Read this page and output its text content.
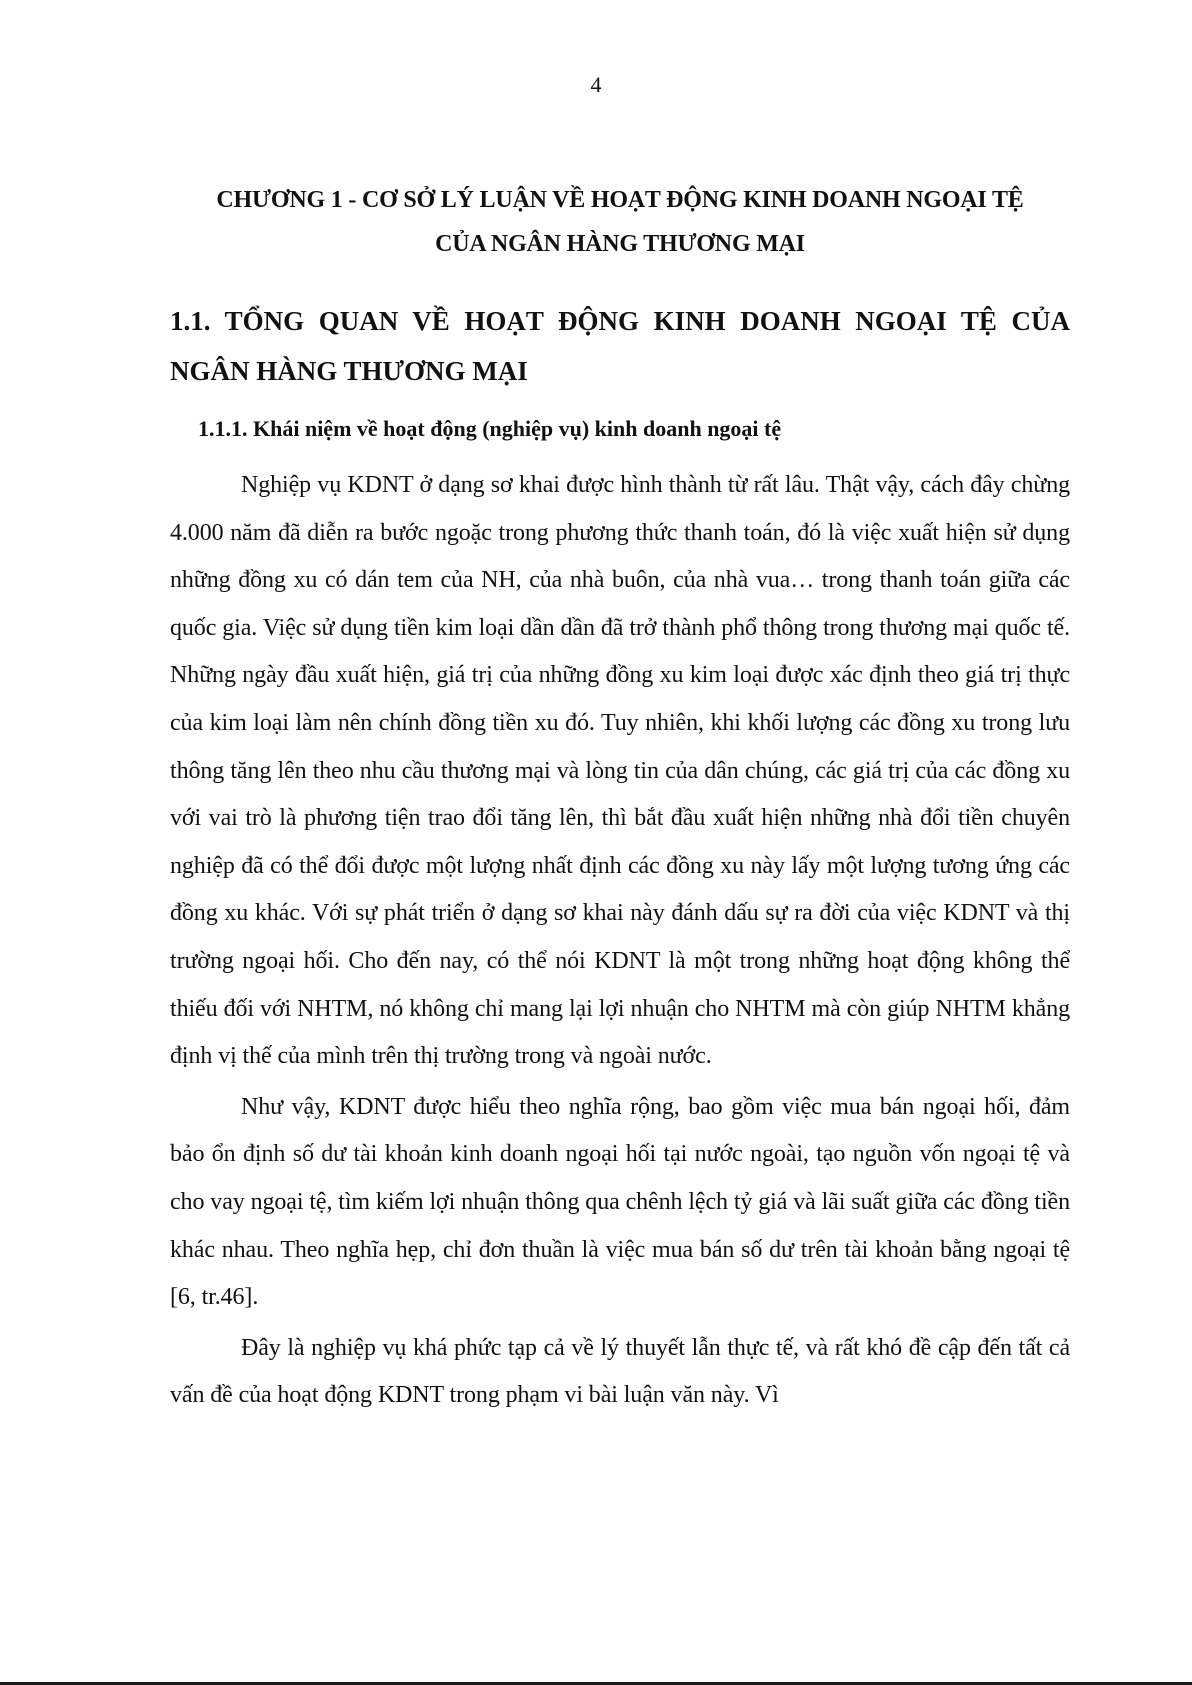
4
CHƯƠNG 1 - CƠ SỞ LÝ LUẬN VỀ HOẠT ĐỘNG KINH DOANH NGOẠI TỆ
CỦA NGÂN HÀNG THƯƠNG MẠI
1.1. TỔNG QUAN VỀ HOẠT ĐỘNG KINH DOANH NGOẠI TỆ CỦA NGÂN HÀNG THƯƠNG MẠI
1.1.1. Khái niệm về hoạt động (nghiệp vụ) kinh doanh ngoại tệ

Nghiệp vụ KDNT ở dạng sơ khai được hình thành từ rất lâu. Thật vậy, cách đây chừng 4.000 năm đã diễn ra bước ngoặc trong phương thức thanh toán, đó là việc xuất hiện sử dụng những đồng xu có dán tem của NH, của nhà buôn, của nhà vua… trong thanh toán giữa các quốc gia. Việc sử dụng tiền kim loại dần dần đã trở thành phổ thông trong thương mại quốc tế. Những ngày đầu xuất hiện, giá trị của những đồng xu kim loại được xác định theo giá trị thực của kim loại làm nên chính đồng tiền xu đó. Tuy nhiên, khi khối lượng các đồng xu trong lưu thông tăng lên theo nhu cầu thương mại và lòng tin của dân chúng, các giá trị của các đồng xu với vai trò là phương tiện trao đổi tăng lên, thì bắt đầu xuất hiện những nhà đổi tiền chuyên nghiệp đã có thể đổi được một lượng nhất định các đồng xu này lấy một lượng tương ứng các đồng xu khác. Với sự phát triển ở dạng sơ khai này đánh dấu sự ra đời của việc KDNT và thị trường ngoại hối. Cho đến nay, có thể nói KDNT là một trong những hoạt động không thể thiếu đối với NHTM, nó không chỉ mang lại lợi nhuận cho NHTM mà còn giúp NHTM khẳng định vị thế của mình trên thị trường trong và ngoài nước.

Như vậy, KDNT được hiểu theo nghĩa rộng, bao gồm việc mua bán ngoại hối, đảm bảo ổn định số dư tài khoản kinh doanh ngoại hối tại nước ngoài, tạo nguồn vốn ngoại tệ và cho vay ngoại tệ, tìm kiếm lợi nhuận thông qua chênh lệch tỷ giá và lãi suất giữa các đồng tiền khác nhau. Theo nghĩa hẹp, chỉ đơn thuần là việc mua bán số dư trên tài khoản bằng ngoại tệ [6, tr.46].

Đây là nghiệp vụ khá phức tạp cả về lý thuyết lẫn thực tế, và rất khó đề cập đến tất cả vấn đề của hoạt động KDNT trong phạm vi bài luận văn này. Vì
